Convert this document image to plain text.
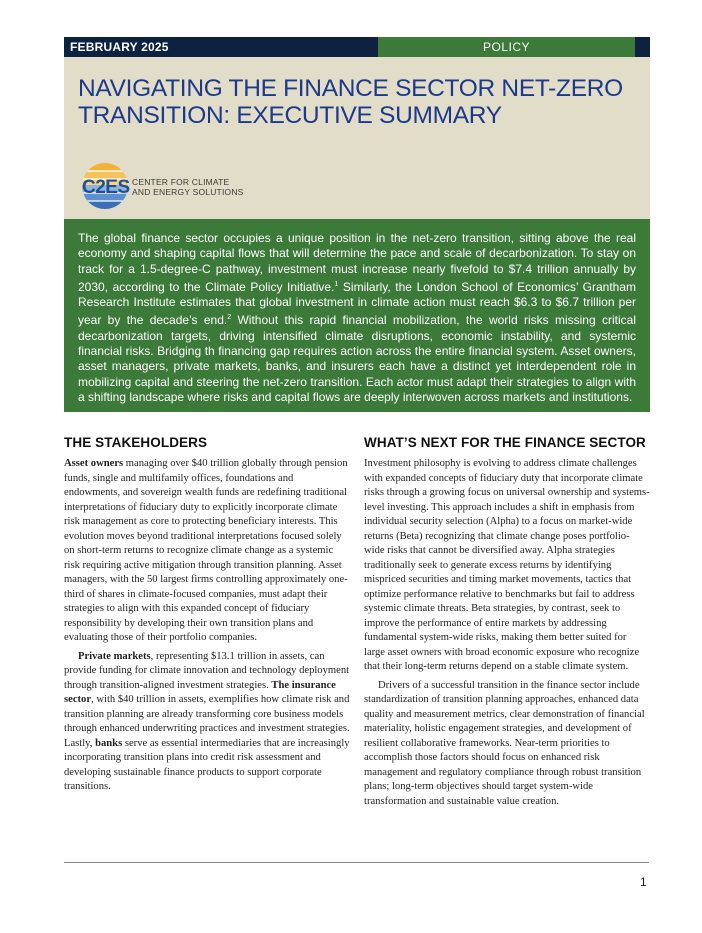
FEBRUARY 2025	POLICY
NAVIGATING THE FINANCE SECTOR NET-ZERO TRANSITION: EXECUTIVE SUMMARY
C2ES CENTER FOR CLIMATE
AND ENERGY SOLUTIONS
The global finance sector occupies a unique position in the net-zero transition, sitting above the real economy and shaping capital flows that will determine the pace and scale of decarbonization. To stay on track for a 1.5-degree-C pathway, investment must increase nearly fivefold to $7.4 trillion annually by 2030, according to the Climate Policy Initiative.$^1$ Similarly, the London School of Economics’ Grantham Research Institute estimates that global investment in climate action must reach $6.3 to $6.7 trillion per year by the decade’s end.$^2$ Without this rapid financial mobilization, the world risks missing critical decarbonization targets, driving intensified climate disruptions, economic instability, and systemic financial risks. Bridging th financing gap requires action across the entire financial system. Asset owners, asset managers, private markets, banks, and insurers each have a distinct yet interdependent role in mobilizing capital and steering the net-zero transition. Each actor must adapt their strategies to align with a shifting landscape where risks and capital flows are deeply interwoven across markets and institutions.
THE STAKEHOLDERS

Asset owners managing over $40 trillion globally through pension funds, single and multifamily offices, foundations and endowments, and sovereign wealth funds are redefining traditional interpretations of fiduciary duty to explicitly incorporate climate risk management as core to protecting beneficiary interests. This evolution moves beyond traditional interpretations focused solely on short-term returns to recognize climate change as a systemic risk requiring active mitigation through transition planning. Asset managers, with the 50 largest firms controlling approximately one-third of shares in climate-focused companies, must adapt their strategies to align with this expanded concept of fiduciary responsibility by developing their own transition plans and evaluating those of their portfolio companies.

Private markets, representing $13.1 trillion in assets, can provide funding for climate innovation and technology deployment through transition-aligned investment strategies. The insurance sector, with $40 trillion in assets, exemplifies how climate risk and transition planning are already transforming core business models through enhanced underwriting practices and investment strategies. Lastly, banks serve as essential intermediaries that are increasingly incorporating transition plans into credit risk assessment and developing sustainable finance products to support corporate transitions.

WHAT’S NEXT FOR THE FINANCE SECTOR

Investment philosophy is evolving to address climate challenges with expanded concepts of fiduciary duty that incorporate climate risks through a growing focus on universal ownership and systems-level investing. This approach includes a shift in emphasis from individual security selection (Alpha) to a focus on market-wide returns (Beta) recognizing that climate change poses portfolio-wide risks that cannot be diversified away. Alpha strategies traditionally seek to generate excess returns by identifying mispriced securities and timing market movements, tactics that optimize performance relative to benchmarks but fail to address systemic climate threats. Beta strategies, by contrast, seek to improve the performance of entire markets by addressing fundamental system-wide risks, making them better suited for large asset owners with broad economic exposure who recognize that their long-term returns depend on a stable climate system.

Drivers of a successful transition in the finance sector include standardization of transition planning approaches, enhanced data quality and measurement metrics, clear demonstration of financial materiality, holistic engagement strategies, and development of resilient collaborative frameworks. Near-term priorities to accomplish those factors should focus on enhanced risk management and regulatory compliance through robust transition plans; long-term objectives should target system-wide transformation and sustainable value creation.

1
